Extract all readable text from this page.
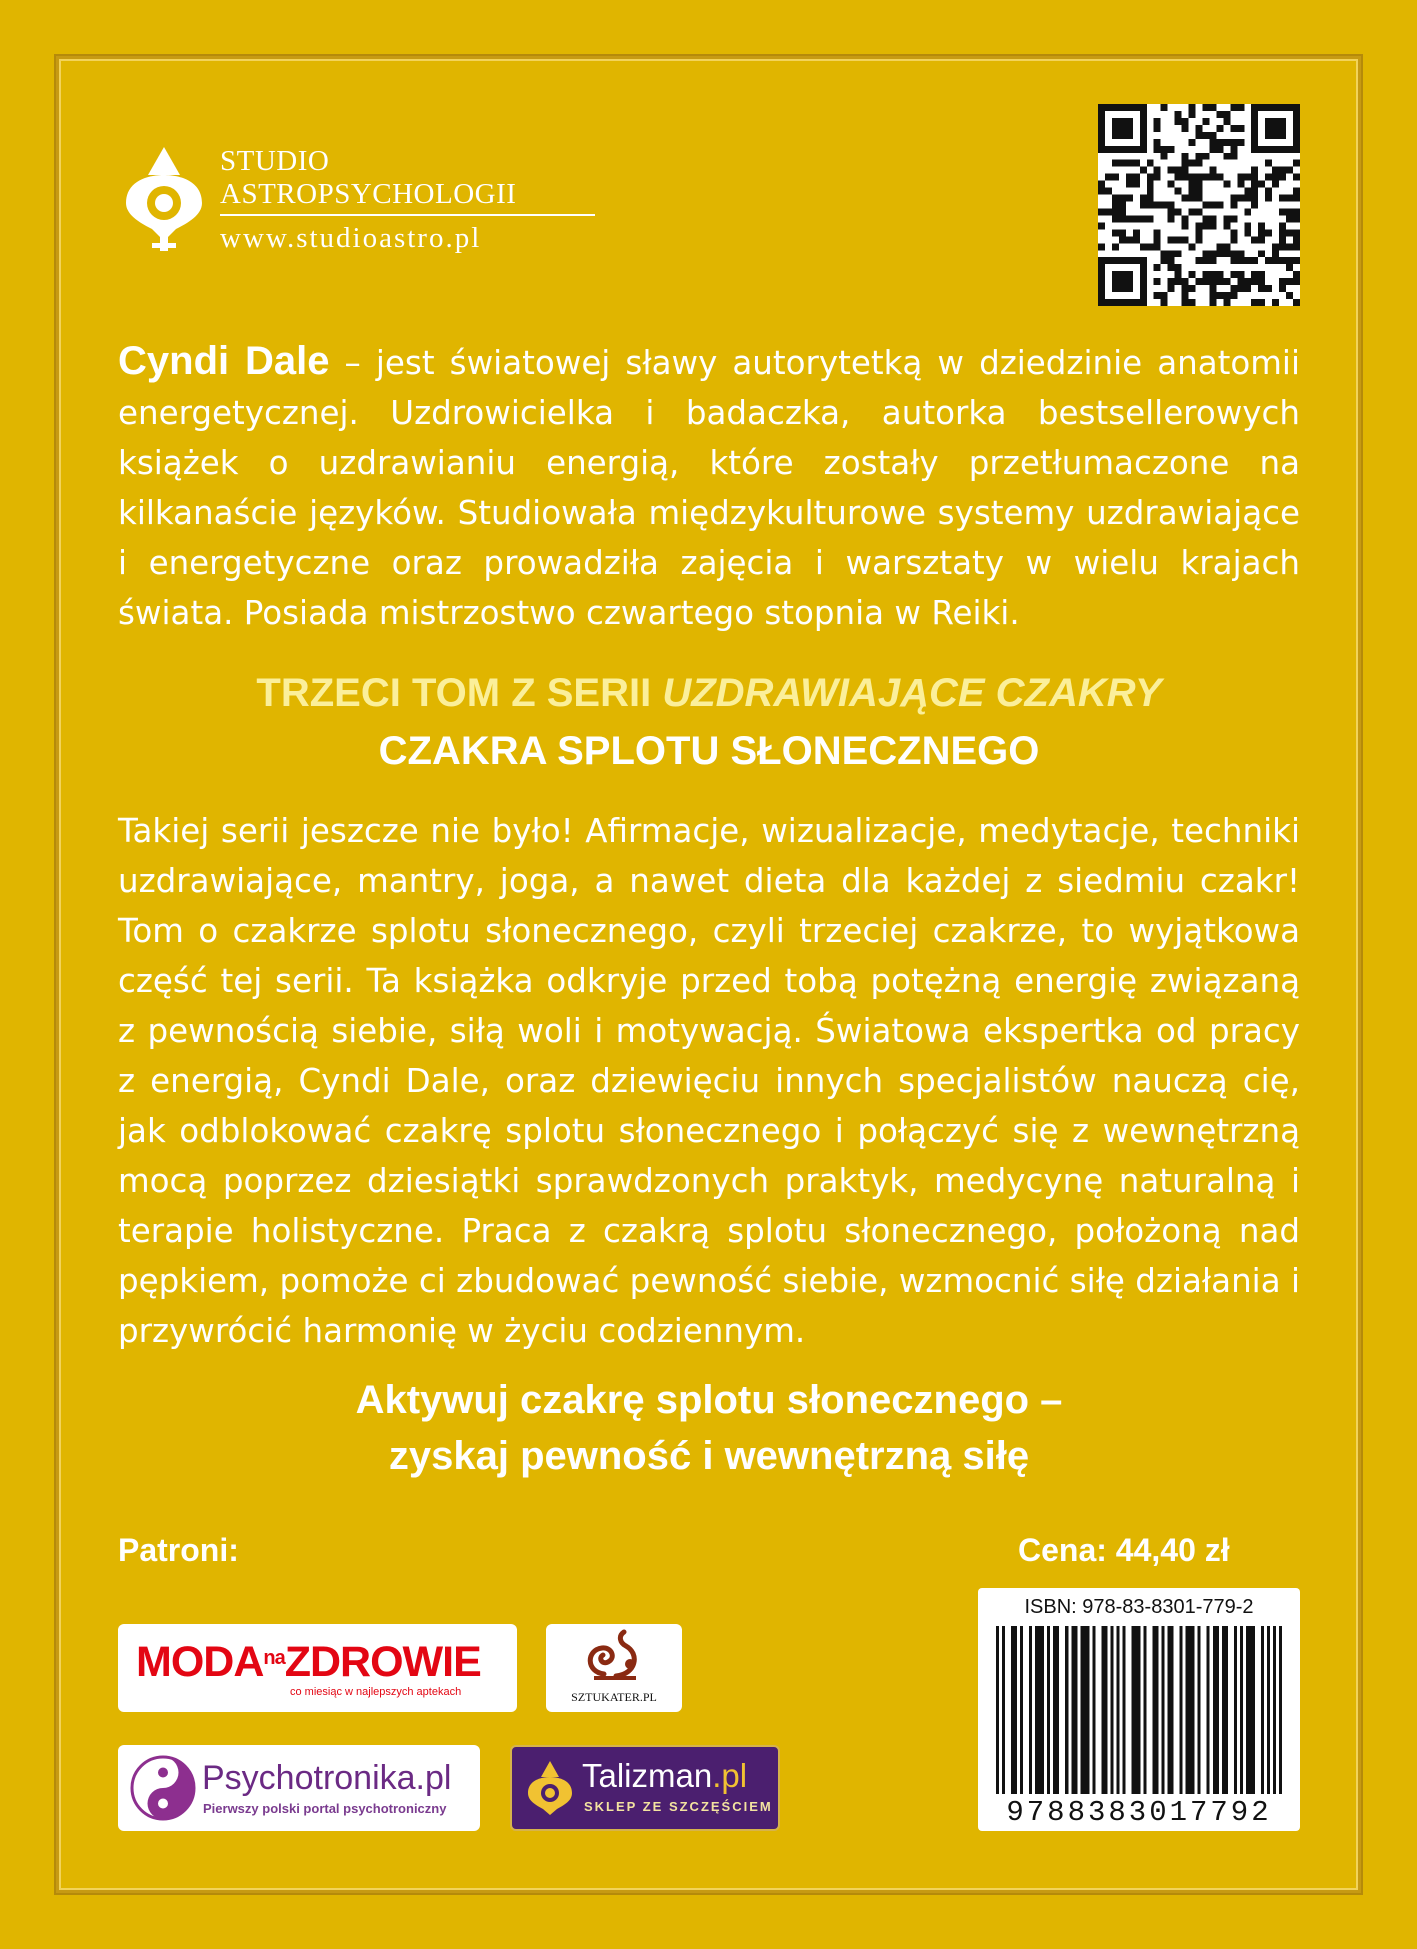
STUDIO
ASTROPSYCHOLOGII
www.studioastro.pl
Cyndi Dale – jest światowej sławy autorytetką w dziedzinie anatomii energetycznej. Uzdrowicielka i badaczka, autorka bestsellerowych książek o uzdrawianiu energią, które zostały przetłumaczone na kilkanaście języków. Studiowała międzykulturowe systemy uzdrawiające i energetyczne oraz prowadziła zajęcia i warsztaty w wielu krajach świata. Posiada mistrzostwo czwartego stopnia w Reiki.
TRZECI TOM Z SERII UZDRAWIAJĄCE CZAKRY
CZAKRA SPLOTU SŁONECZNEGO
Takiej serii jeszcze nie było! Afirmacje, wizualizacje, medytacje, techniki uzdrawiające, mantry, joga, a nawet dieta dla każdej z siedmiu czakr! Tom o czakrze splotu słonecznego, czyli trzeciej czakrze, to wyjątkowa część tej serii. Ta książka odkryje przed tobą potężną energię związaną z pewnością siebie, siłą woli i motywacją. Światowa ekspertka od pracy z energią, Cyndi Dale, oraz dziewięciu innych specjalistów nauczą cię, jak odblokować czakrę splotu słonecznego i połączyć się z wewnętrzną mocą poprzez dziesiątki sprawdzonych praktyk, medycynę naturalną i terapie holistyczne. Praca z czakrą splotu słonecznego, położoną nad pępkiem, pomoże ci zbudować pewność siebie, wzmocnić siłę działania i przywrócić harmonię w życiu codziennym.
Aktywuj czakrę splotu słonecznego –
zyskaj pewność i wewnętrzną siłę
Patroni:	Cena: 44,40 zł
ISBN: 978-83-8301-779-2
9788383017792
$MODA^{na}ZDROWIE$
co miesiąc w najlepszych aptekach	SZTUKATER.PL
Psychotronika.pl
Pierwszy polski portal psychotroniczny
Talizman.pl
SKLEP ZE SZCZĘŚCIEM
